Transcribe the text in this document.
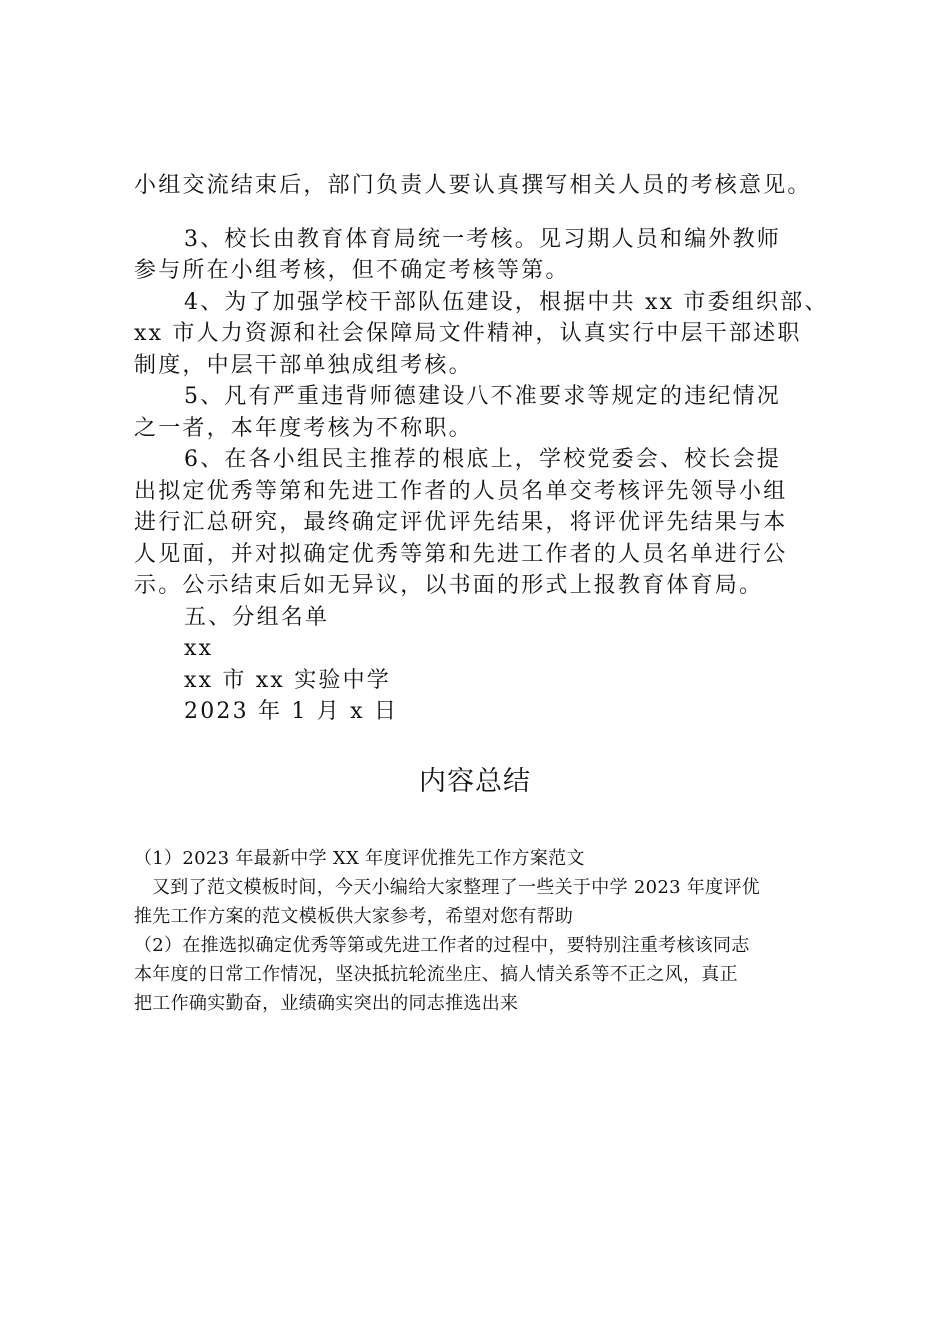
小组交流结束后，部门负责人要认真撰写相关人员的考核意见。

3、校长由教育体育局统一考核。见习期人员和编外教师

参与所在小组考核，但不确定考核等第。

4、为了加强学校干部队伍建设，根据中共 xx 市委组织部、

xx 市人力资源和社会保障局文件精神，认真实行中层干部述职

制度，中层干部单独成组考核。

5、凡有严重违背师德建设八不准要求等规定的违纪情况

之一者，本年度考核为不称职。

6、在各小组民主推荐的根底上，学校党委会、校长会提

出拟定优秀等第和先进工作者的人员名单交考核评先领导小组

进行汇总研究，最终确定评优评先结果，将评优评先结果与本

人见面，并对拟确定优秀等第和先进工作者的人员名单进行公

示。公示结束后如无异议，以书面的形式上报教育体育局。

五、分组名单

xx

xx 市 xx 实验中学

2023 年 1 月 x 日

内容总结

（1）2023 年最新中学 XX 年度评优推先工作方案范文

又到了范文模板时间，今天小编给大家整理了一些关于中学 2023 年度评优

推先工作方案的范文模板供大家参考，希望对您有帮助

（2）在推选拟确定优秀等第或先进工作者的过程中，要特别注重考核该同志

本年度的日常工作情况，坚决抵抗轮流坐庄、搞人情关系等不正之风，真正

把工作确实勤奋，业绩确实突出的同志推选出来
